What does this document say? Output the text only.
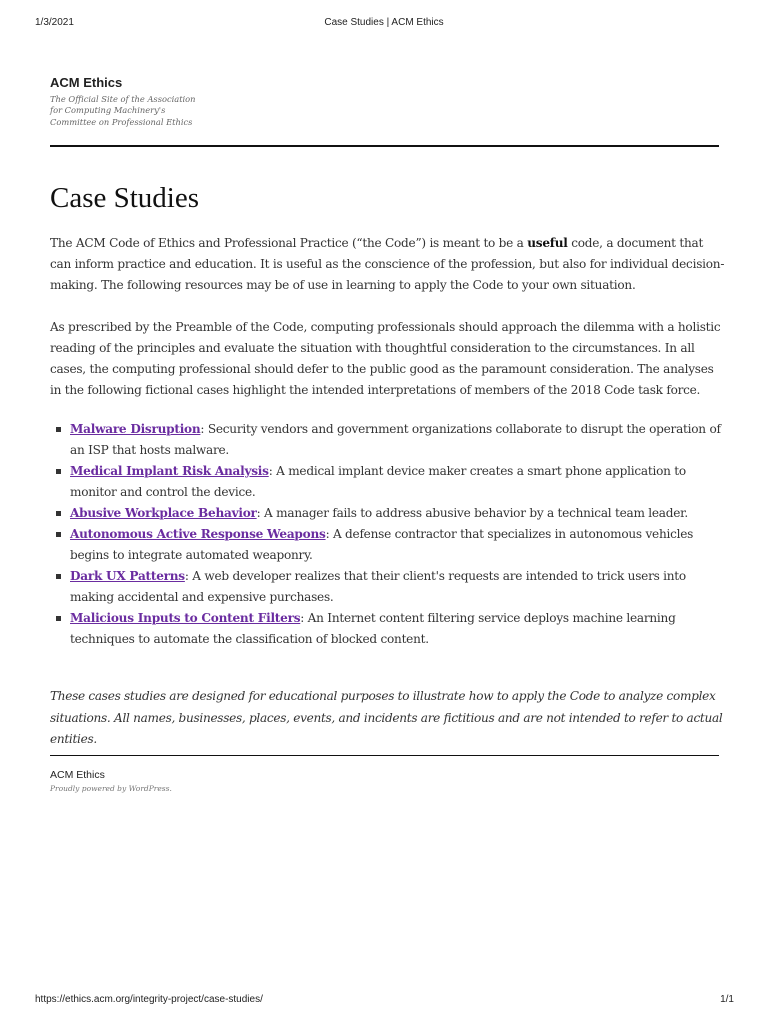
1/3/2021	Case Studies | ACM Ethics

ACM Ethics

The Official Site of the Association for Computing Machinery's Committee on Professional Ethics

Case Studies

The ACM Code of Ethics and Professional Practice (“the Code”) is meant to be a useful code, a document that can inform practice and education. It is useful as the conscience of the profession, but also for individual decision-making. The following resources may be of use in learning to apply the Code to your own situation.

As prescribed by the Preamble of the Code, computing professionals should approach the dilemma with a holistic reading of the principles and evaluate the situation with thoughtful consideration to the circumstances. In all cases, the computing professional should defer to the public good as the paramount consideration. The analyses in the following fictional cases highlight the intended interpretations of members of the 2018 Code task force.

Malware Disruption: Security vendors and government organizations collaborate to disrupt the operation of an ISP that hosts malware.
Medical Implant Risk Analysis: A medical implant device maker creates a smart phone application to monitor and control the device.
Abusive Workplace Behavior: A manager fails to address abusive behavior by a technical team leader.
Autonomous Active Response Weapons: A defense contractor that specializes in autonomous vehicles begins to integrate automated weaponry.
Dark UX Patterns: A web developer realizes that their client's requests are intended to trick users into making accidental and expensive purchases.
Malicious Inputs to Content Filters: An Internet content filtering service deploys machine learning techniques to automate the classification of blocked content.

These cases studies are designed for educational purposes to illustrate how to apply the Code to analyze complex situations. All names, businesses, places, events, and incidents are fictitious and are not intended to refer to actual entities.

ACM Ethics

Proudly powered by WordPress.

https://ethics.acm.org/integrity-project/case-studies/	1/1
